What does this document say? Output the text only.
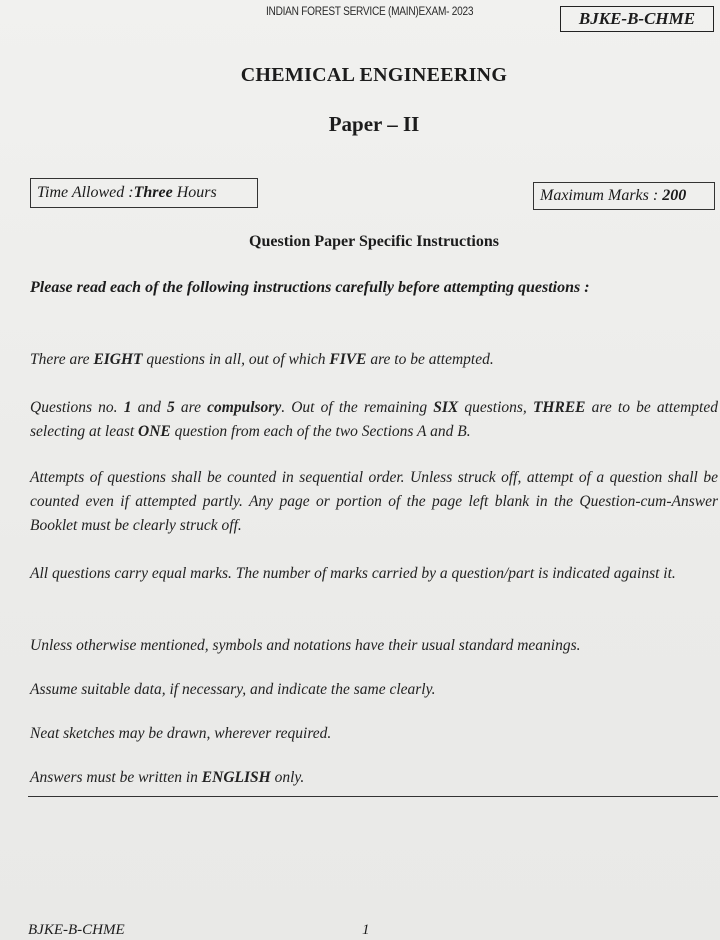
INDIAN FOREST SERVICE (MAIN)EXAM- 2023	BJKE-B-CHME
CHEMICAL ENGINEERING
Paper – II
Time Allowed : Three Hours	Maximum Marks : 200
Question Paper Specific Instructions
Please read each of the following instructions carefully before attempting questions :
There are EIGHT questions in all, out of which FIVE are to be attempted.
Questions no. 1 and 5 are compulsory. Out of the remaining SIX questions, THREE are to be attempted selecting at least ONE question from each of the two Sections A and B.
Attempts of questions shall be counted in sequential order. Unless struck off, attempt of a question shall be counted even if attempted partly. Any page or portion of the page left blank in the Question-cum-Answer Booklet must be clearly struck off.
All questions carry equal marks. The number of marks carried by a question/part is indicated against it.
Unless otherwise mentioned, symbols and notations have their usual standard meanings.
Assume suitable data, if necessary, and indicate the same clearly.
Neat sketches may be drawn, wherever required.
Answers must be written in ENGLISH only.
BJKE-B-CHME	1
